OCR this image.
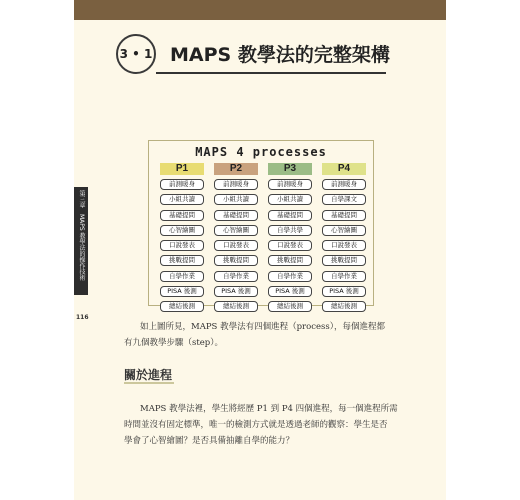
3 • 1 MAPS 教學法的完整架構
MAPS 4 processes
P1
前測暖身
小組共讀
基礎提問
心智繪圖
口說發表
挑戰提問
自學作業
PISA 後測
總結後測
P2
前測暖身
小組共讀
基礎提問
心智繪圖
口說發表
挑戰提問
自學作業
PISA 後測
總結後測
P3
前測暖身
小組共讀
基礎提問
自學共學
口說發表
挑戰提問
自學作業
PISA 後測
總結後測
P4
前測暖身
自學課文
基礎提問
心智繪圖
口說發表
挑戰提問
自學作業
PISA 後測
總結後測
第三章　MAPS 教學法的操作技術
116
如上圖所見，MAPS 教學法有四個進程（process），每個進程都
有九個教學步驟（step）。
關於進程
MAPS 教學法裡，學生將經歷 P1 到 P4 四個進程，每一個進程所需
時間並沒有固定標準，唯一的檢測方式就是透過老師的觀察：學生是否
學會了心智繪圖？是否具備抽離自學的能力？
